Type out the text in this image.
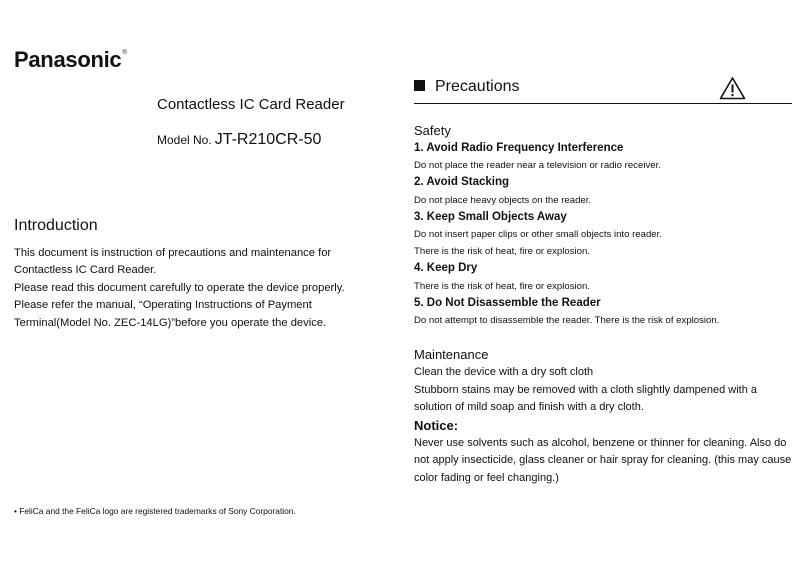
Panasonic®
Contactless IC Card Reader
Model No. JT-R210CR-50
Introduction
This document is instruction of precautions and maintenance for
Contactless IC Card Reader.
Please read this document carefully to operate the device properly.
Please refer the manual, “Operating Instructions of Payment
Terminal(Model No. ZEC-14LG)”before you operate the device.
• FeliCa and the FeliCa logo are registered trademarks of Sony Corporation.
Precautions
Safety
1. Avoid Radio Frequency Interference
Do not place the reader near a television or radio receiver.
2. Avoid Stacking
Do not place heavy objects on the reader.
3. Keep Small Objects Away
Do not insert paper clips or other small objects into reader.
There is the risk of heat, fire or explosion.
4. Keep Dry
There is the risk of heat, fire or explosion.
5. Do Not Disassemble the Reader
Do not attempt to disassemble the reader. There is the risk of explosion.
Maintenance
Clean the device with a dry soft cloth
Stubborn stains may be removed with a cloth slightly dampened with a
solution of mild soap and finish with a dry cloth.
Notice:
Never use solvents such as alcohol, benzene or thinner for cleaning. Also do
not apply insecticide, glass cleaner or hair spray for cleaning. (this may cause
color fading or feel changing.)
